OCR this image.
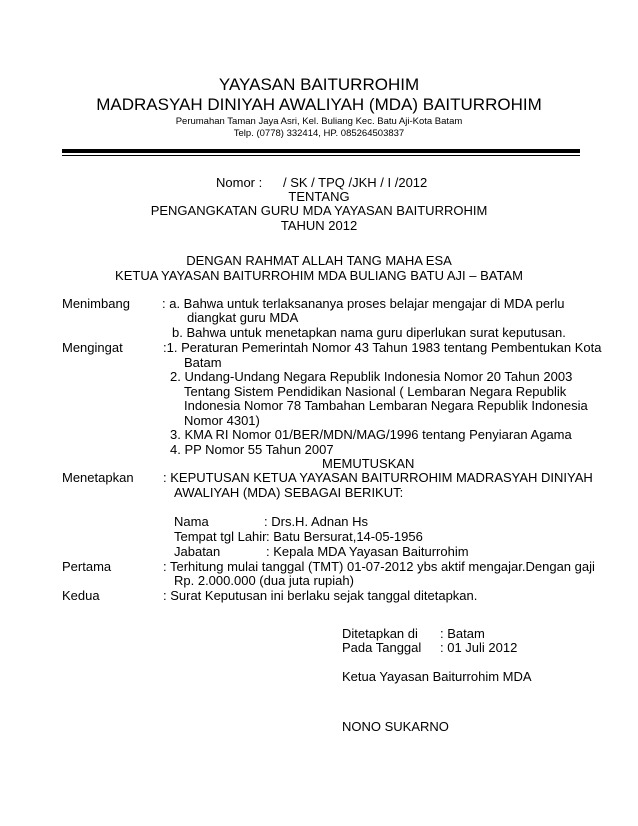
YAYASAN BAITURROHIM
MADRASYAH DINIYAH AWALIYAH (MDA) BAITURROHIM
Perumahan Taman Jaya Asri, Kel. Buliang Kec. Batu Aji-Kota Batam
Telp. (0778) 332414, HP. 085264503837
Nomor : / SK / TPQ /JKH / I /2012
TENTANG
PENGANGKATAN GURU MDA YAYASAN BAITURROHIM
TAHUN 2012
DENGAN RAHMAT ALLAH TANG MAHA ESA
KETUA YAYASAN BAITURROHIM MDA BULIANG BATU AJI – BATAM
Menimbang : a. Bahwa untuk terlaksananya proses belajar mengajar di MDA perlu
diangkat guru MDA
b. Bahwa untuk menetapkan nama guru diperlukan surat keputusan.
Mengingat	:1. Peraturan Pemerintah Nomor 43 Tahun 1983 tentang Pembentukan Kota
Batam
2. Undang-Undang Negara Republik Indonesia Nomor 20 Tahun 2003
Tentang Sistem Pendidikan Nasional ( Lembaran Negara Republik
Indonesia Nomor 78 Tambahan Lembaran Negara Republik Indonesia
Nomor 4301)
3. KMA RI Nomor 01/BER/MDN/MAG/1996 tentang Penyiaran Agama
4. PP Nomor 55 Tahun 2007
MEMUTUSKAN
Menetapkan : KEPUTUSAN KETUA YAYASAN BAITURROHIM MADRASYAH DINIYAH
AWALIYAH (MDA) SEBAGAI BERIKUT:
Nama	: Drs.H. Adnan Hs
Tempat tgl Lahir : Batu Bersurat,14-05-1956
Jabatan	: Kepala MDA Yayasan Baiturrohim
Pertama	: Terhitung mulai tanggal (TMT) 01-07-2012 ybs aktif mengajar.Dengan gaji
Rp. 2.000.000 (dua juta rupiah)
Kedua	: Surat Keputusan ini berlaku sejak tanggal ditetapkan.
Ditetapkan di : Batam
Pada Tanggal : 01 Juli 2012
Ketua Yayasan Baiturrohim MDA
NONO SUKARNO
